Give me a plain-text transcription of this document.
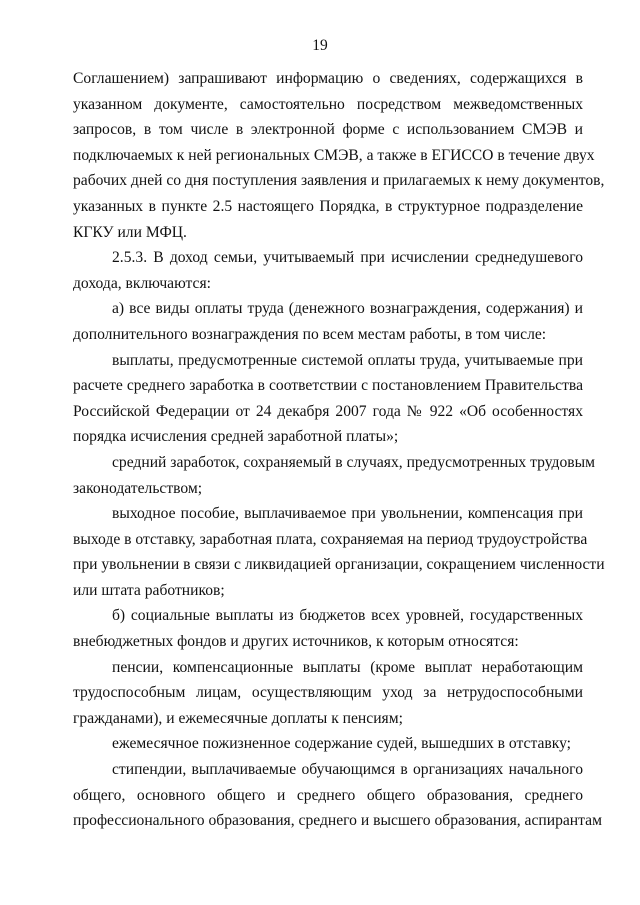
19
Соглашением) запрашивают информацию о сведениях, содержащихся в
указанном документе, самостоятельно посредством межведомственных
запросов, в том числе в электронной форме с использованием СМЭВ и
подключаемых к ней региональных СМЭВ, а также в ЕГИССО в течение двух
рабочих дней со дня поступления заявления и прилагаемых к нему документов,
указанных в пункте 2.5 настоящего Порядка, в структурное подразделение
КГКУ или МФЦ.
2.5.3. В доход семьи, учитываемый при исчислении среднедушевого
дохода, включаются:
а) все виды оплаты труда (денежного вознаграждения, содержания) и
дополнительного вознаграждения по всем местам работы, в том числе:
выплаты, предусмотренные системой оплаты труда, учитываемые при
расчете среднего заработка в соответствии с постановлением Правительства
Российской Федерации от 24 декабря 2007 года № 922 «Об особенностях
порядка исчисления средней заработной платы»;
средний заработок, сохраняемый в случаях, предусмотренных трудовым
законодательством;
выходное пособие, выплачиваемое при увольнении, компенсация при
выходе в отставку, заработная плата, сохраняемая на период трудоустройства
при увольнении в связи с ликвидацией организации, сокращением численности
или штата работников;
б) социальные выплаты из бюджетов всех уровней, государственных
внебюджетных фондов и других источников, к которым относятся:
пенсии, компенсационные выплаты (кроме выплат неработающим
трудоспособным лицам, осуществляющим уход за нетрудоспособными
гражданами), и ежемесячные доплаты к пенсиям;
ежемесячное пожизненное содержание судей, вышедших в отставку;
стипендии, выплачиваемые обучающимся в организациях начального
общего, основного общего и среднего общего образования, среднего
профессионального образования, среднего и высшего образования, аспирантам
